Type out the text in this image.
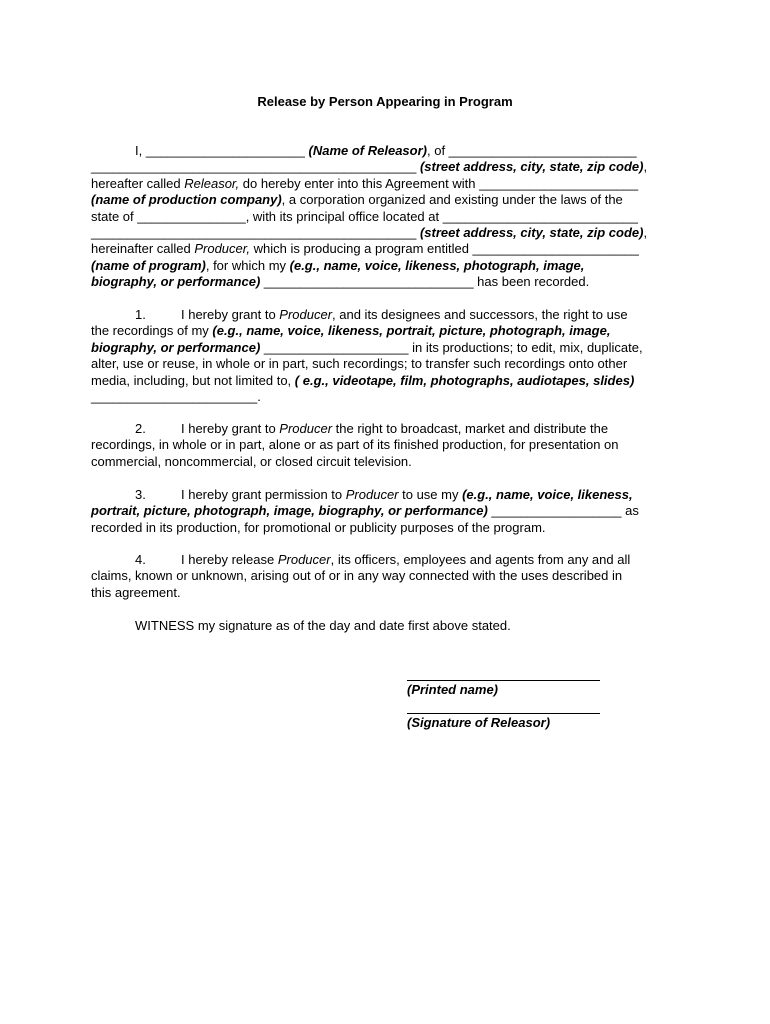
Release by Person Appearing in Program
I, ______________________ (Name of Releasor), of __________________________
_____________________________________________ (street address, city, state, zip code),
hereafter called Releasor, do hereby enter into this Agreement with ______________________
(name of production company), a corporation organized and existing under the laws of the
state of _______________, with its principal office located at ___________________________
_____________________________________________ (street address, city, state, zip code),
hereinafter called Producer, which is producing a program entitled _______________________
(name of program), for which my (e.g., name, voice, likeness, photograph, image,
biography, or performance) _____________________________ has been recorded.
1.	I hereby grant to Producer, and its designees and successors, the right to use
the recordings of my (e.g., name, voice, likeness, portrait, picture, photograph, image,
biography, or performance) ____________________ in its productions; to edit, mix, duplicate,
alter, use or reuse, in whole or in part, such recordings; to transfer such recordings onto other
media, including, but not limited to, ( e.g., videotape, film, photographs, audiotapes, slides)
_______________________.
2.	I hereby grant to Producer the right to broadcast, market and distribute the
recordings, in whole or in part, alone or as part of its finished production, for presentation on
commercial, noncommercial, or closed circuit television.
3.	I hereby grant permission to Producer to use my (e.g., name, voice, likeness,
portrait, picture, photograph, image, biography, or performance) __________________ as
recorded in its production, for promotional or publicity purposes of the program.
4.	I hereby release Producer, its officers, employees and agents from any and all
claims, known or unknown, arising out of or in any way connected with the uses described in
this agreement.
WITNESS my signature as of the day and date first above stated.
(Printed name)
(Signature of Releasor)
